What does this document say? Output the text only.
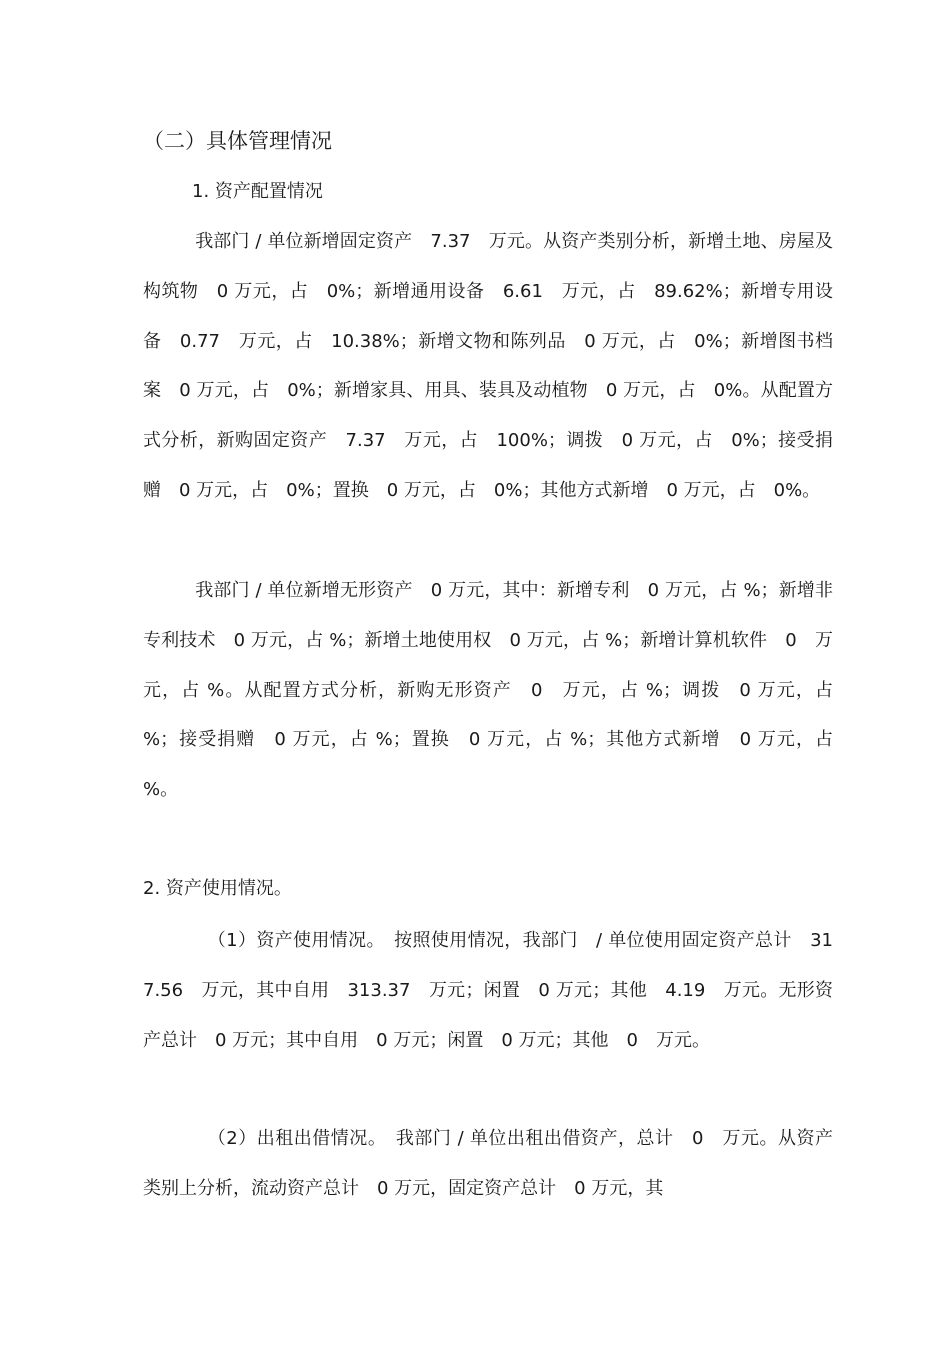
（二）具体管理情况
1. 资产配置情况

我部门 / 单位新增固定资产　7.37　万元。从资产类别分析，新增土地、房屋及构筑物　0 万元，占　0%；新增通用设备　6.61　万元，占　89.62%；新增专用设备　0.77　万元，占　10.38%；新增文物和陈列品　0 万元，占　0%；新增图书档案　0 万元，占　0%；新增家具、用具、装具及动植物　0 万元，占　0%。从配置方式分析，新购固定资产　7.37　万元，占　100%；调拨　0 万元，占　0%；接受捐赠　0 万元，占　0%；置换　0 万元，占　0%；其他方式新增　0 万元，占　0%。

我部门 / 单位新增无形资产　0 万元，其中：新增专利　0 万元，占 %；新增非专利技术　0 万元，占 %；新增土地使用权　0 万元，占 %；新增计算机软件　0　万元，占 %。从配置方式分析，新购无形资产　0　万元，占 %；调拨　0 万元，占 %；接受捐赠　0 万元，占 %；置换　0 万元，占 %；其他方式新增　0 万元，占 %。

2. 资产使用情况。

（1）资产使用情况。　按照使用情况，我部门　/ 单位使用固定资产总计　317.56　万元，其中自用　313.37　万元；闲置　0 万元；其他　4.19　万元。无形资产总计　0 万元；其中自用　0 万元；闲置　0 万元；其他　0　万元。

（2）出租出借情况。　我部门 / 单位出租出借资产，总计　0　万元。从资产类别上分析，流动资产总计　0 万元，固定资产总计　0 万元，其
